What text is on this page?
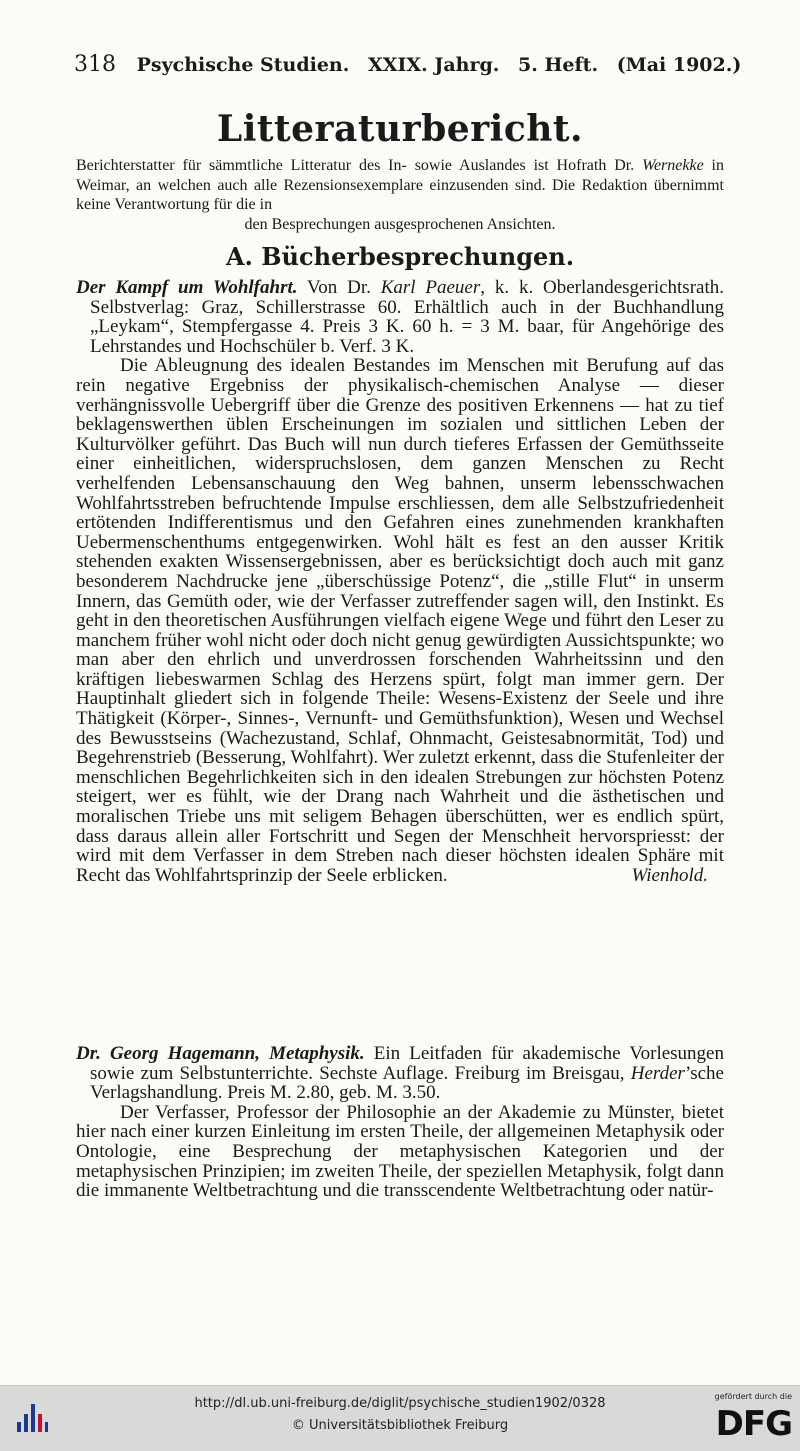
318 Psychische Studien. XXIX. Jahrg. 5. Heft. (Mai 1902.)
Litteraturbericht.
Berichterstatter für sämmtliche Litteratur des In- sowie Auslandes ist Hofrath Dr. Wernekke in Weimar, an welchen auch alle Rezensionsexemplare einzusenden sind. Die Redaktion übernimmt keine Verantwortung für die in
den Besprechungen ausgesprochenen Ansichten.
A. Bücherbesprechungen.

Der Kampf um Wohlfahrt. Von Dr. Karl Paeuer, k. k. Oberlandesgerichtsrath. Selbstverlag: Graz, Schillerstrasse 60. Erhältlich auch in der Buchhandlung „Leykam“, Stempfergasse 4. Preis 3 K. 60 h. = 3 M. baar, für Angehörige des Lehrstandes und Hochschüler b. Verf. 3 K.

Die Ableugnung des idealen Bestandes im Menschen mit Berufung auf das rein negative Ergebniss der physikalisch-chemischen Analyse — dieser verhängnissvolle Uebergriff über die Grenze des positiven Erkennens — hat zu tief beklagenswerthen üblen Erscheinungen im sozialen und sittlichen Leben der Kulturvölker geführt. Das Buch will nun durch tieferes Erfassen der Gemüthsseite einer einheitlichen, widerspruchslosen, dem ganzen Menschen zu Recht verhelfenden Lebensanschauung den Weg bahnen, unserm lebensschwachen Wohlfahrtsstreben befruchtende Impulse erschliessen, dem alle Selbstzufriedenheit ertötenden Indifferentismus und den Gefahren eines zunehmenden krankhaften Uebermenschenthums entgegenwirken. Wohl hält es fest an den ausser Kritik stehenden exakten Wissensergebnissen, aber es berücksichtigt doch auch mit ganz besonderem Nachdrucke jene „überschüssige Potenz“, die „stille Flut“ in unserm Innern, das Gemüth oder, wie der Verfasser zutreffender sagen will, den Instinkt. Es geht in den theoretischen Ausführungen vielfach eigene Wege und führt den Leser zu manchem früher wohl nicht oder doch nicht genug gewürdigten Aussichtspunkte; wo man aber den ehrlich und unverdrossen forschenden Wahrheitssinn und den kräftigen liebeswarmen Schlag des Herzens spürt, folgt man immer gern. Der Hauptinhalt gliedert sich in folgende Theile: Wesens-Existenz der Seele und ihre Thätigkeit (Körper-, Sinnes-, Vernunft- und Gemüthsfunktion), Wesen und Wechsel des Bewusstseins (Wachezustand, Schlaf, Ohnmacht, Geistesabnormität, Tod) und Begehrenstrieb (Besserung, Wohlfahrt). Wer zuletzt erkennt, dass die Stufenleiter der menschlichen Begehrlichkeiten sich in den idealen Strebungen zur höchsten Potenz steigert, wer es fühlt, wie der Drang nach Wahrheit und die ästhetischen und moralischen Triebe uns mit seligem Behagen überschütten, wer es endlich spürt, dass daraus allein aller Fortschritt und Segen der Menschheit hervorspriesst: der wird mit dem Verfasser in dem Streben nach dieser höchsten idealen Sphäre mit Recht das Wohlfahrtsprinzip der Seele erblicken.	Wienhold.

Dr. Georg Hagemann, Metaphysik. Ein Leitfaden für akademische Vorlesungen sowie zum Selbstunterrichte. Sechste Auflage. Freiburg im Breisgau, Herder’sche Verlagshandlung. Preis M. 2.80, geb. M. 3.50.

Der Verfasser, Professor der Philosophie an der Akademie zu Münster, bietet hier nach einer kurzen Einleitung im ersten Theile, der allgemeinen Metaphysik oder Ontologie, eine Besprechung der metaphysischen Kategorien und der metaphysischen Prinzipien; im zweiten Theile, der speziellen Metaphysik, folgt dann die immanente Weltbetrachtung und die transscendente Weltbetrachtung oder natür-

http://dl.ub.uni-freiburg.de/diglit/psychische_studien1902/0328
© Universitätsbibliothek Freiburg
gefördert durch die
DFG
